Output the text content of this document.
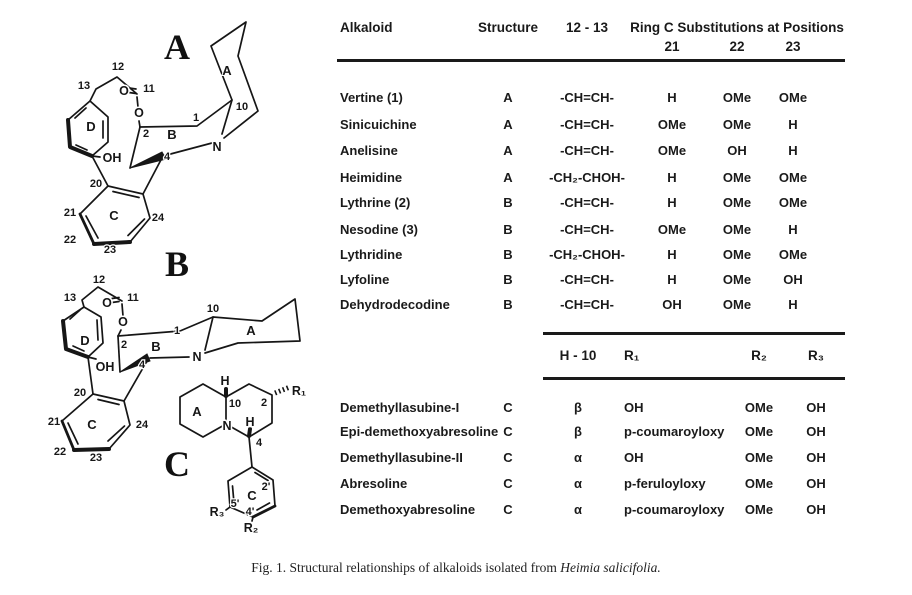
A
12
13	11
O
O
2
1
10
A
B
N
4
D
OH
20
21
22
23
24
C
B
12
13	11
O
O
2
1
10
A
B
N
4
D
OH
20
21
22 23
24
C
C
H
10 2
R₁
A
H
N
4
C
2'
5'
4'
R₃
R₂
Alkaloid	Structure	12 - 13	Ring C Substitutions at Positions
21	22	23
Vertine (1)	A	-CH=CH-	H	OMe	OMe
Sinicuichine	A	-CH=CH-	OMe	OMe	H
Anelisine	A	-CH=CH-	OMe	OH	H
Heimidine	A	-CH₂-CHOH-	H	OMe	OMe
Lythrine (2)	B	-CH=CH-	H	OMe	OMe
Nesodine (3)	B	-CH=CH-	OMe	OMe	H
Lythridine	B	-CH₂-CHOH-	H	OMe	OMe
Lyfoline	B	-CH=CH-	H	OMe	OH
Dehydrodecodine	B	-CH=CH-	OH	OMe	H
H - 10	R₁	R₂	R₃
Demethyllasubine-I	C	β	OH	OMe	OH
Epi-demethoxyabresoline C	β	p-coumaroyloxy	OMe	OH
Demethyllasubine-II	C	α	OH	OMe	OH
Abresoline	C	α	p-feruloyloxy	OMe	OH
Demethoxyabresoline	C	α	p-coumaroyloxy	OMe	OH
Fig. 1. Structural relationships of alkaloids isolated from Heimia salicifolia.
